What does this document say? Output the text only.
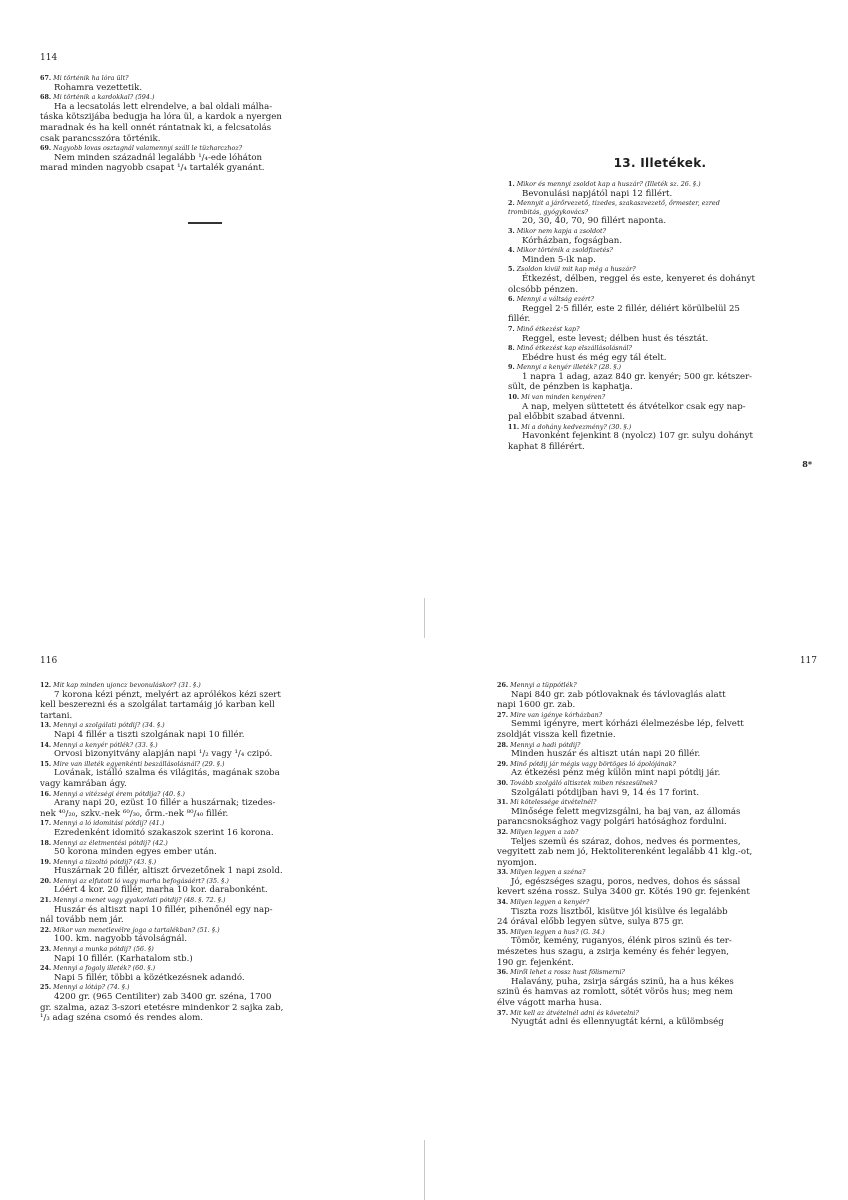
114
67. Mi történik ha lóra ült?
Rohamra vezettetik.
68. Mi történik a kardokkal? (594.)
Ha a lecsatolás lett elrendelve, a bal oldali málha-
táska kötszijába bedugja ha lóra ül, a kardok a nyergen
maradnak és ha kell onnét rántatnak ki, a felcsatolás
csak parancsszóra történik.
69. Nagyobb lovas osztagnál valamennyi száll le tüzharczhoz?
Nem minden századnál legalább ¹/₄-ede lóháton
marad minden nagyobb csapat ¹/₄ tartalék gyanánt.	13. Illetékek.
1. Mikor és mennyi zsoldot kap a huszár? (Illeték sz. 26. §.)
Bevonulási napjától napi 12 fillért.
2. Mennyit a járőrvezető, tizedes, szakaszvezető, őrmester, ezred
trombitás, gyógykovács?
20, 30, 40, 70, 90 fillért naponta.
3. Mikor nem kapja a zsoldot?
Kórházban, fogságban.
4. Mikor történik a zsoldfizetés?
Minden 5-ik nap.
5. Zsoldon kivül mit kap még a huszár?
Étkezést, délben, reggel és este, kenyeret és dohányt
olcsóbb pénzen.
6. Mennyi a váltság ezért?
Reggel 2·5 fillér, este 2 fillér, déliért körülbelül 25
fillér.
7. Minő étkezést kap?
Reggel, este levest; délben hust és tésztát.
8. Minő étkezést kap elszállásolásnál?
Ebédre hust és még egy tál ételt.
9. Mennyi a kenyér illeték? (28. §.)
1 napra 1 adag, azaz 840 gr. kenyér; 500 gr. kétszer-
sült, de pénzben is kaphatja.
10. Mi van minden kenyéren?
A nap, melyen süttetett és átvételkor csak egy nap-
pal előbbit szabad átvenni.
11. Mi a dohány kedvezmény? (30. §.)
Havonként fejenkint 8 (nyolcz) 107 gr. sulyu dohányt
kaphat 8 fillérért.
8*
116
12. Mit kap minden ujoncz bevonuláskor? (31. §.)
7 korona kézi pénzt, melyért az aprólékos kézi szert
kell beszerezni és a szolgálat tartamáig jó karban kell
tartani.
13. Mennyi a szolgálati pótdij? (34. §.)
Napi 4 fillér a tiszti szolgának napi 10 fillér.
14. Mennyi a kenyér pótlék? (33. §.)
Orvosi bizonyitvány alapján napi ¹/₂ vagy ¹/₄ czipó.
15. Mire van illeték egyenkénti beszállásolásnál? (29. §.)
Lovának, istálló szalma és világitás, magának szoba
vagy kamrában ágy.
16. Mennyi a vitézségi érem pótdija? (40. §.)
Arany napi 20, ezüst 10 fillér a huszárnak; tizedes-
nek ⁴⁰/₂₀, szkv.-nek ⁶⁰/₃₀, őrm.-nek ⁸⁰/₄₀ fillér.
17. Mennyi a ló idomitási pótdij? (41.)
Ezredenként idomitó szakaszok szerint 16 korona.
18. Mennyi az életmentési pótdij? (42.)
50 korona minden egyes ember után.
19. Mennyi a tüzoltó pótdij? (43. §.)
Huszárnak 20 fillér, altiszt őrvezetőnek 1 napi zsold.
20. Mennyi az elfutott ló vagy marha befogásáért? (35. §.)
Lóért 4 kor. 20 fillér, marha 10 kor. darabonként.
21. Mennyi a menet vagy gyakorlati pótdij? (48. §. 72. §.)
Huszár és altiszt napi 10 fillér, pihenőnél egy nap-
nál tovább nem jár.
22. Mikor van menetlevélre joga a tartalékban? (51. §.)
100. km. nagyobb távolságnál.
23. Mennyi a munka pótdij? (56. §)
Napi 10 fillér. (Karhatalom stb.)
24. Mennyi a fogoly illeték? (60. §.)
Napi 5 fillér, többi a közétkezésnek adandó.
25. Mennyi a lótáp? (74. §.)
4200 gr. (965 Centiliter) zab 3400 gr. széna, 1700
gr. szalma, azaz 3-szori etetésre mindenkor 2 sajka zab,
¹/₃ adag széna csomó és rendes alom.
117
26. Mennyi a tüppótlék?
Napi 840 gr. zab pótlovaknak és távlovaglás alatt
napi 1600 gr. zab.
27. Mire van igénye kórházban?
Semmi igényre, mert kórházi élelmezésbe lép, felvett
zsoldját vissza kell fizetnie.
28. Mennyi a hadi pótdij?
Minden huszár és altiszt után napi 20 fillér.
29. Minő pótdij jár mégis vagy börtöges ló ápolójának?
Az étkezési pénz még külön mint napi pótdij jár.
30. Tovább szolgáló altisztek miben részesülnek?
Szolgálati pótdijban havi 9, 14 és 17 forint.
31. Mi kötelessége átvételnél?
Minőségе felett megvizsgálni, ha baj van, az állomás
parancsnoksághoz vagy polgári hatósághoz fordulni.
32. Milyen legyen a zab?
Teljes szemü és száraz, dohos, nedves és pormentes,
vegyitett zab nem jó, Hektoliterenként legalább 41 klg.-ot,
nyomjon.
33. Milyen legyen a széna?
Jó, egészséges szagu, poros, nedves, dohos és sással
kevert széna rossz. Sulya 3400 gr. Kötés 190 gr. fejenként
34. Milyen legyen a kenyér?
Tiszta rozs lisztből, kisütve jól kisülve és legalább
24 órával előbb legyen sütve, sulya 875 gr.
35. Milyen legyen a hus? (G. 34.)
Tömör, kemény, ruganyos, élénk piros szinü és ter-
mészetes hus szagu, a zsirja kemény és fehér legyen,
190 gr. fejenként.
36. Miről lehet a rossz hust fölismerni?
Halavány, puha, zsirja sárgás szinü, ha a hus kékes
szinü és hamvas az romlott, sötét vörös hus; meg nem
élve vágott marha husa.
37. Mit kell az átvételnél adni és követelni?
Nyugtát adni és ellennyugtát kérni, a külömbség
